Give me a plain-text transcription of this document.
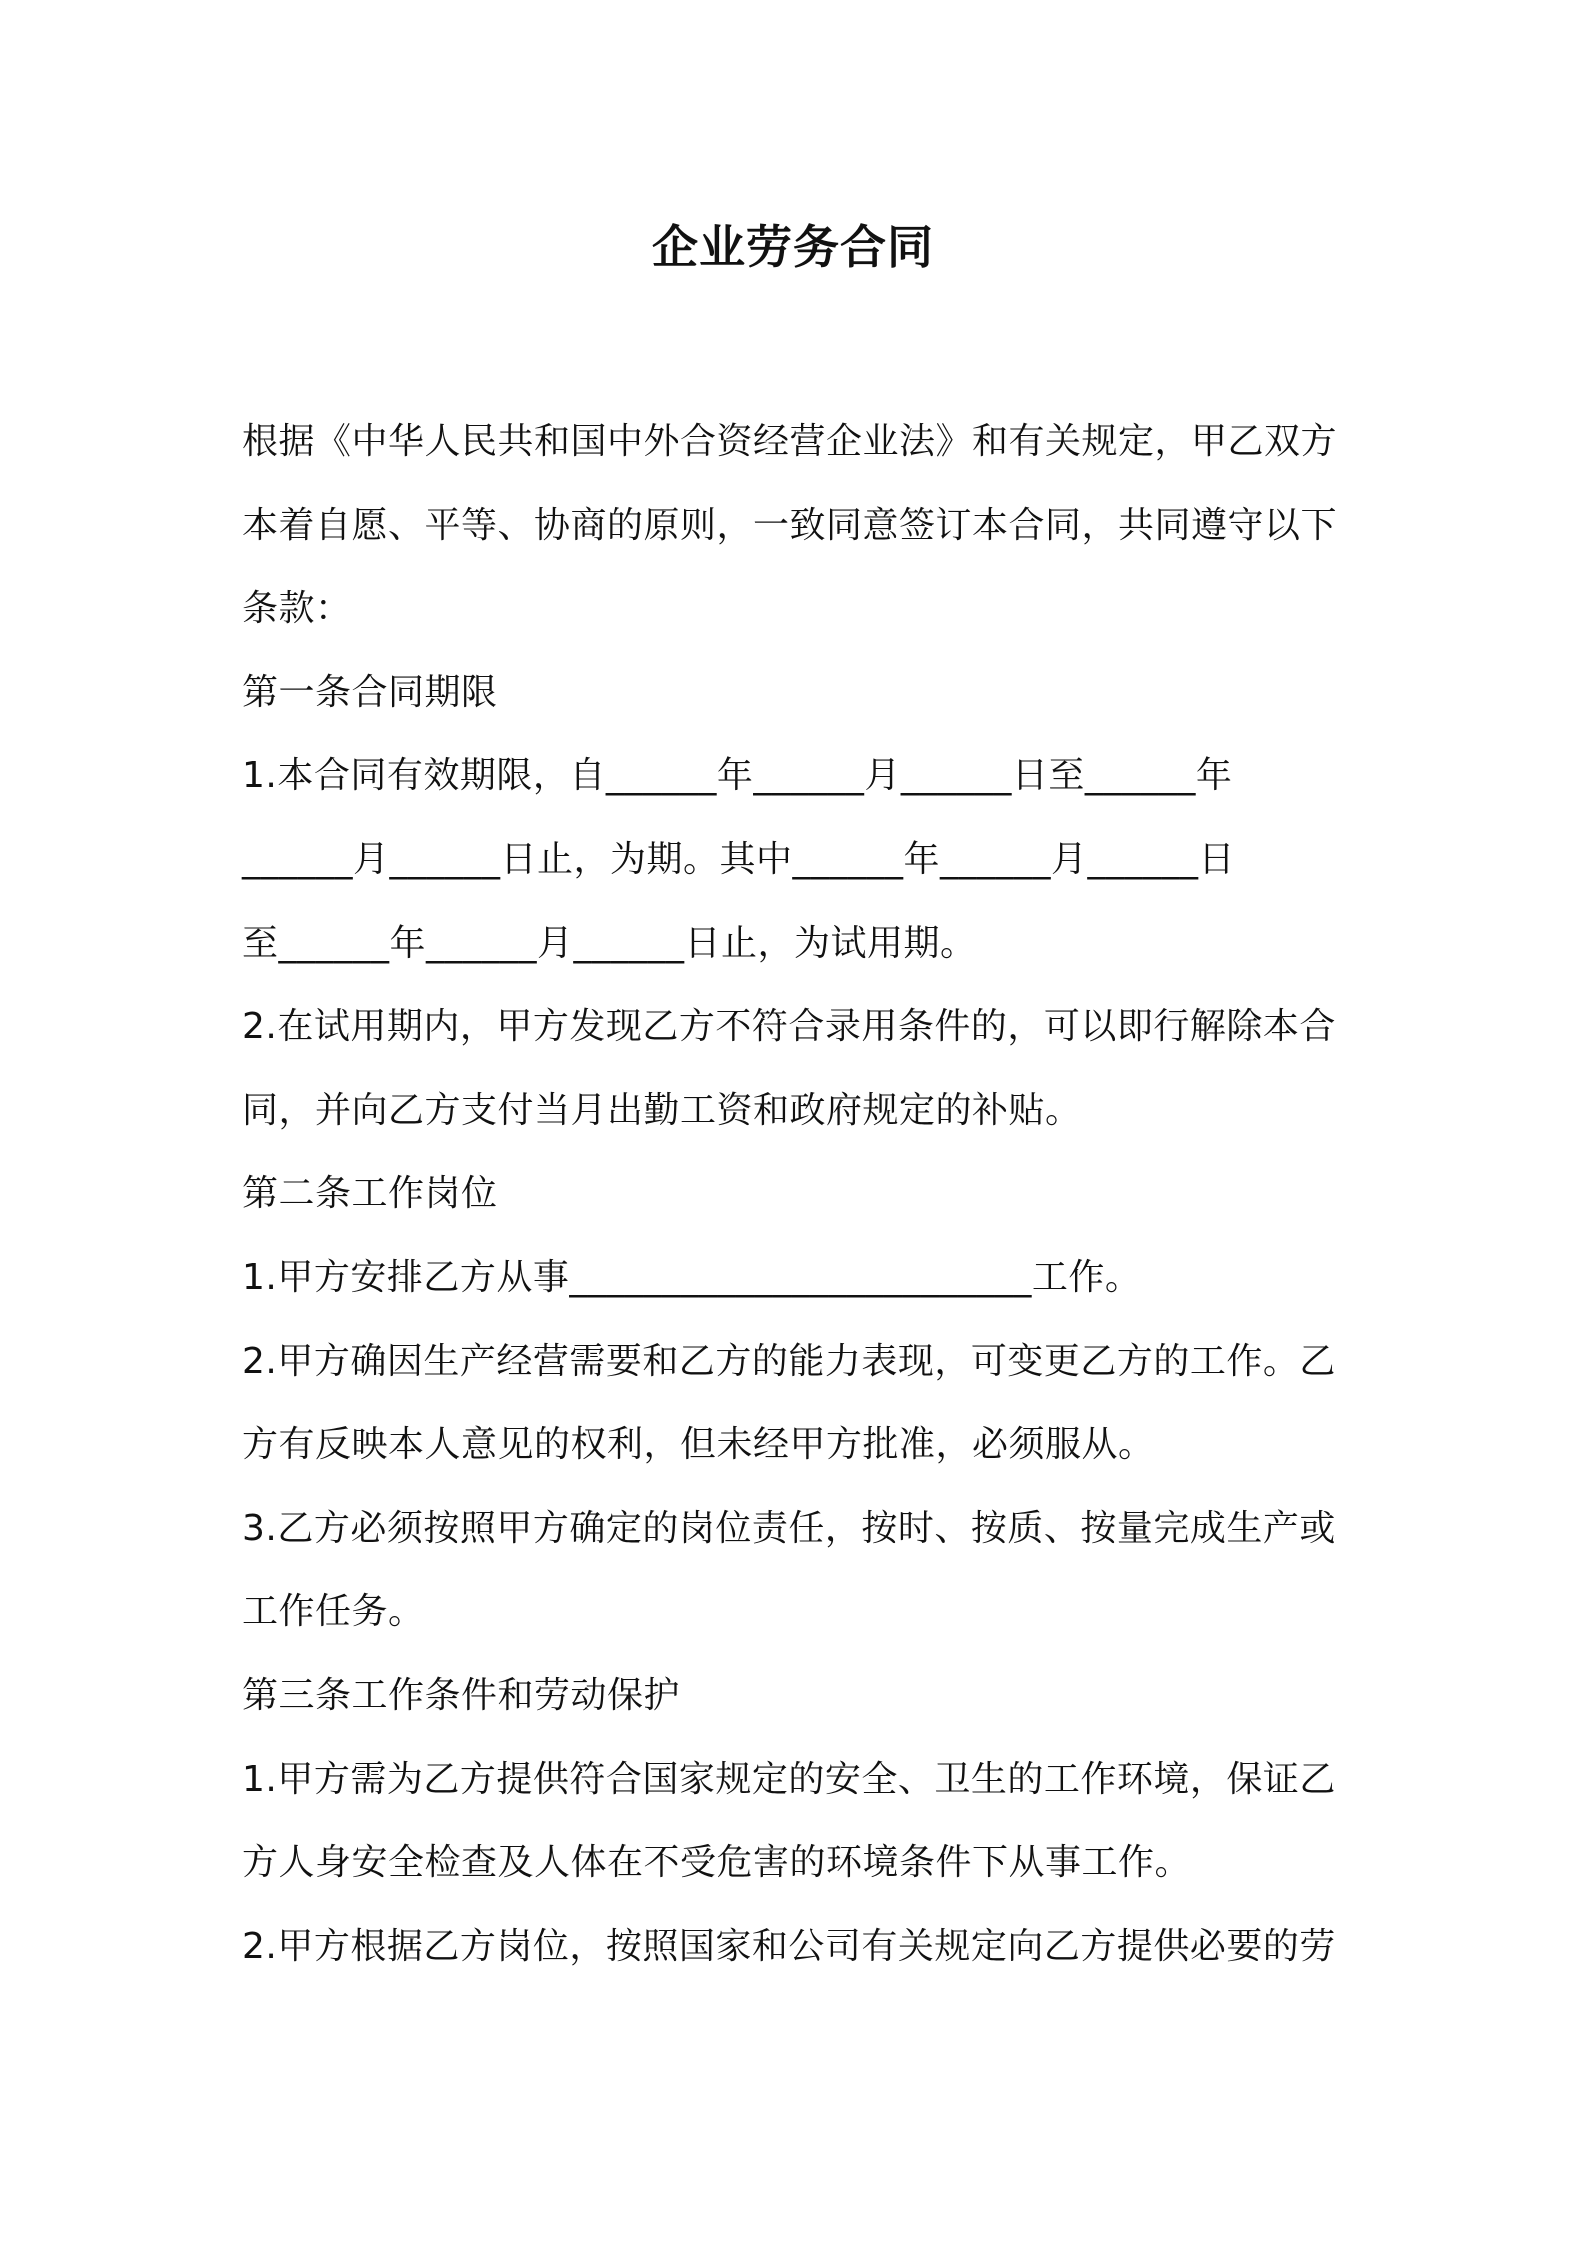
企业劳务合同
根据《中华人民共和国中外合资经营企业法》和有关规定，甲乙双方
本着自愿、平等、协商的原则，一致同意签订本合同，共同遵守以下
条款：
第一条合同期限
1.本合同有效期限，自______年______月______日至______年
______月______日止，为期。其中______年______月______日
至______年______月______日止，为试用期。
2.在试用期内，甲方发现乙方不符合录用条件的，可以即行解除本合
同，并向乙方支付当月出勤工资和政府规定的补贴。
第二条工作岗位
1.甲方安排乙方从事_________________________工作。
2.甲方确因生产经营需要和乙方的能力表现，可变更乙方的工作。乙
方有反映本人意见的权利，但未经甲方批准，必须服从。
3.乙方必须按照甲方确定的岗位责任，按时、按质、按量完成生产或
工作任务。
第三条工作条件和劳动保护
1.甲方需为乙方提供符合国家规定的安全、卫生的工作环境，保证乙
方人身安全检查及人体在不受危害的环境条件下从事工作。
2.甲方根据乙方岗位，按照国家和公司有关规定向乙方提供必要的劳
